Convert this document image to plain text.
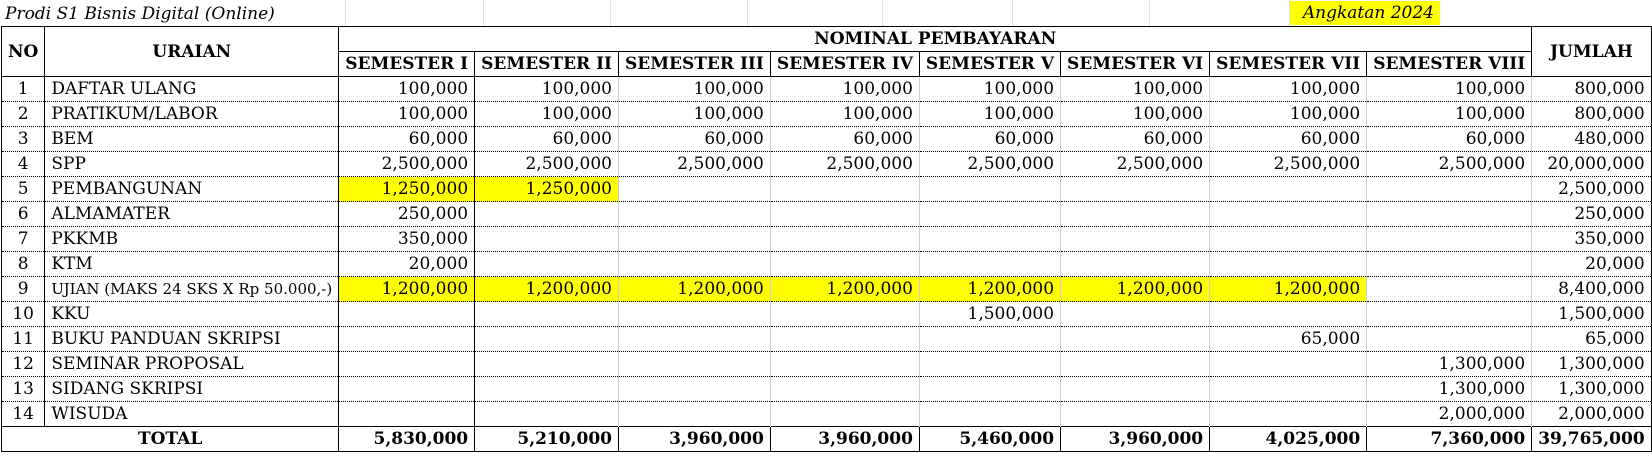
Prodi S1 Bisnis Digital (Online)	Angkatan 2024
NO	URAIAN	NOMINAL PEMBAYARAN								JUMLAH
		SEMESTER I	SEMESTER II	SEMESTER III	SEMESTER IV	SEMESTER V	SEMESTER VI	SEMESTER VII	SEMESTER VIII	
1	DAFTAR ULANG	100,000	100,000	100,000	100,000	100,000	100,000	100,000	100,000	800,000
2	PRATIKUM/LABOR	100,000	100,000	100,000	100,000	100,000	100,000	100,000	100,000	800,000
3	BEM	60,000	60,000	60,000	60,000	60,000	60,000	60,000	60,000	480,000
4	SPP	2,500,000	2,500,000	2,500,000	2,500,000	2,500,000	2,500,000	2,500,000	2,500,000	20,000,000
5	PEMBANGUNAN	1,250,000	1,250,000							2,500,000
6	ALMAMATER	250,000								250,000
7	PKKMB	350,000								350,000
8	KTM	20,000								20,000
9	UJIAN (MAKS 24 SKS X Rp 50.000,-)	1,200,000	1,200,000	1,200,000	1,200,000	1,200,000	1,200,000	1,200,000		8,400,000
10	KKU					1,500,000				1,500,000
11	BUKU PANDUAN SKRIPSI							65,000		65,000
12	SEMINAR PROPOSAL								1,300,000	1,300,000
13	SIDANG SKRIPSI								1,300,000	1,300,000
14	WISUDA								2,000,000	2,000,000
TOTAL		5,830,000	5,210,000	3,960,000	3,960,000	5,460,000	3,960,000	4,025,000	7,360,000	39,765,000
